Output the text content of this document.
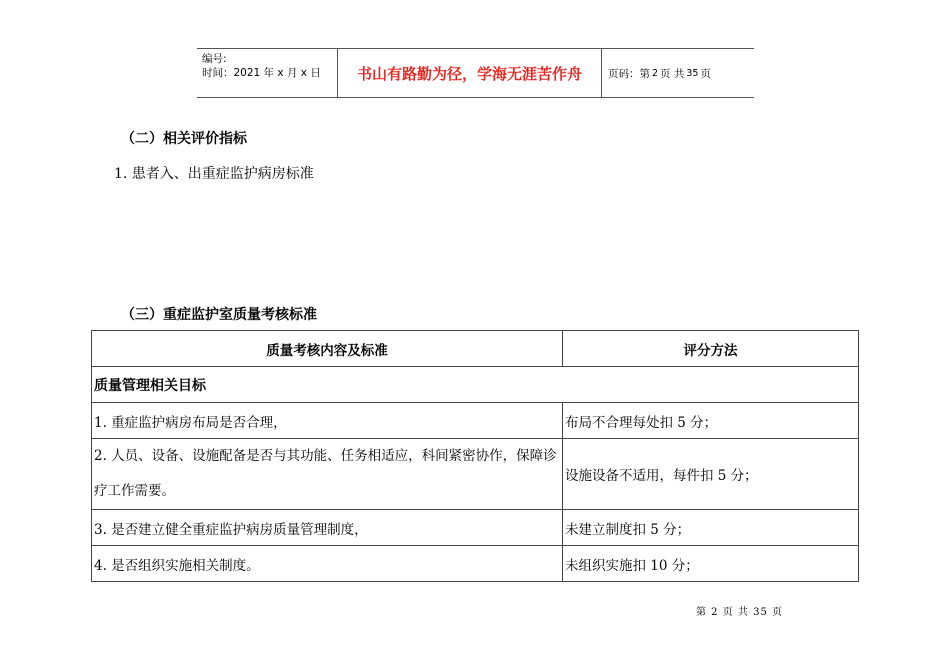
编号:
时间：2021 年 x 月 x 日	书山有路勤为径，学海无涯苦作舟	页码：第 2 页 共 35 页
（二）相关评价指标
1. 患者入、出重症监护病房标准
（三）重症监护室质量考核标准
质量考核内容及标准	评分方法
质量管理相关目标	
1. 重症监护病房布局是否合理，	布局不合理每处扣 5 分；
2. 人员、设备、设施配备是否与其功能、任务相适应，科间紧密协作，保障诊疗工作需要。	设施设备不适用，每件扣 5 分；
3. 是否建立健全重症监护病房质量管理制度，	未建立制度扣 5 分；
4. 是否组织实施相关制度。	未组织实施扣 10 分；
第 2 页 共 35 页
